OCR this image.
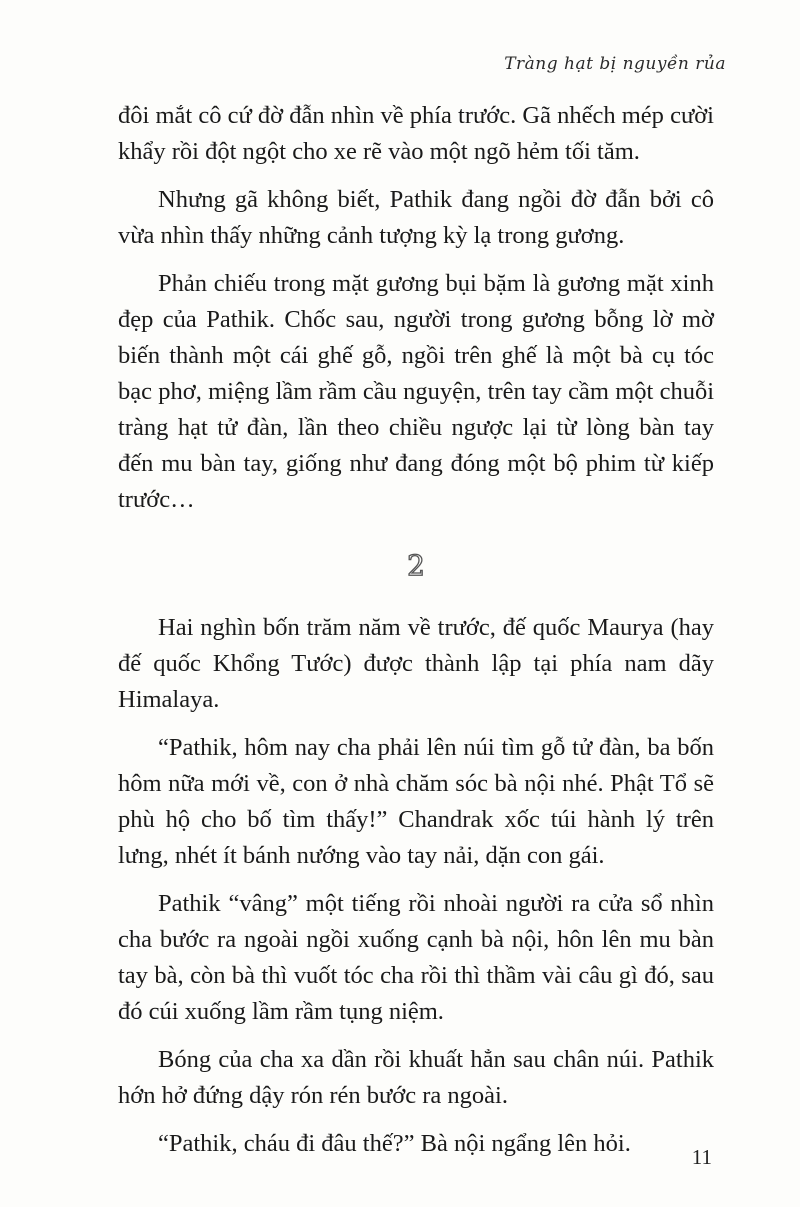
Tràng hạt bị nguyền rủa

đôi mắt cô cứ đờ đẫn nhìn về phía trước. Gã nhếch mép cười khẩy rồi đột ngột cho xe rẽ vào một ngõ hẻm tối tăm.

Nhưng gã không biết, Pathik đang ngồi đờ đẫn bởi cô vừa nhìn thấy những cảnh tượng kỳ lạ trong gương.

Phản chiếu trong mặt gương bụi bặm là gương mặt xinh đẹp của Pathik. Chốc sau, người trong gương bỗng lờ mờ biến thành một cái ghế gỗ, ngồi trên ghế là một bà cụ tóc bạc phơ, miệng lầm rầm cầu nguyện, trên tay cầm một chuỗi tràng hạt tử đàn, lần theo chiều ngược lại từ lòng bàn tay đến mu bàn tay, giống như đang đóng một bộ phim từ kiếp trước…

2

Hai nghìn bốn trăm năm về trước, đế quốc Maurya (hay đế quốc Khổng Tước) được thành lập tại phía nam dãy Himalaya.

“Pathik, hôm nay cha phải lên núi tìm gỗ tử đàn, ba bốn hôm nữa mới về, con ở nhà chăm sóc bà nội nhé. Phật Tổ sẽ phù hộ cho bố tìm thấy!” Chandrak xốc túi hành lý trên lưng, nhét ít bánh nướng vào tay nải, dặn con gái.

Pathik “vâng” một tiếng rồi nhoài người ra cửa sổ nhìn cha bước ra ngoài ngồi xuống cạnh bà nội, hôn lên mu bàn tay bà, còn bà thì vuốt tóc cha rồi thì thầm vài câu gì đó, sau đó cúi xuống lầm rầm tụng niệm.

Bóng của cha xa dần rồi khuất hẳn sau chân núi. Pathik hớn hở đứng dậy rón rén bước ra ngoài.

“Pathik, cháu đi đâu thế?” Bà nội ngẩng lên hỏi.	11
